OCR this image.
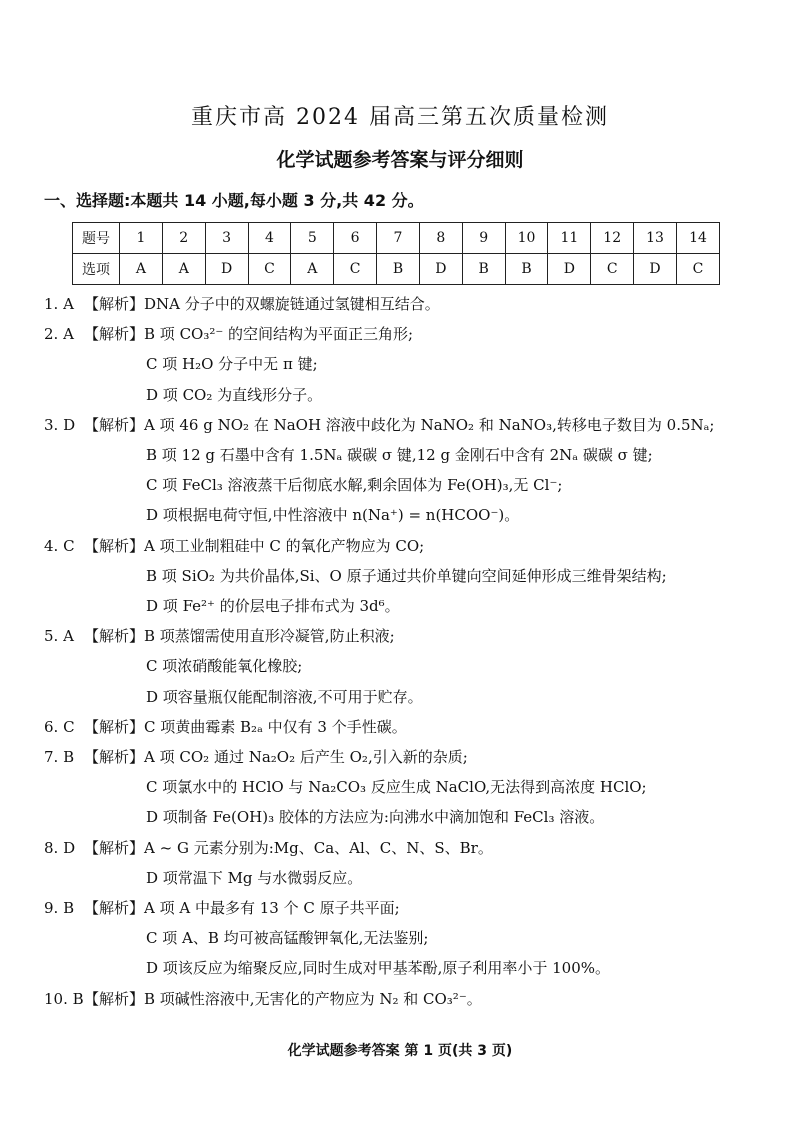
重庆市高 2024 届高三第五次质量检测
化学试题参考答案与评分细则
一、选择题:本题共 14 小题,每小题 3 分,共 42 分。
题号	1	2	3	4	5	6	7	8	9	10	11	12	13	14
选项	A	A	D	C	A	C	B	D	B	B	D	C	D	C
1. A 【解析】DNA 分子中的双螺旋链通过氢键相互结合。
2. A 【解析】B 项 CO₃²⁻ 的空间结构为平面正三角形;
C 项 H₂O 分子中无 π 键;
D 项 CO₂ 为直线形分子。
3. D 【解析】A 项 46 g NO₂ 在 NaOH 溶液中歧化为 NaNO₂ 和 NaNO₃,转移电子数目为 0.5Nₐ;
B 项 12 g 石墨中含有 1.5Nₐ 碳碳 σ 键,12 g 金刚石中含有 2Nₐ 碳碳 σ 键;
C 项 FeCl₃ 溶液蒸干后彻底水解,剩余固体为 Fe(OH)₃,无 Cl⁻;
D 项根据电荷守恒,中性溶液中 n(Na⁺) = n(HCOO⁻)。
4. C 【解析】A 项工业制粗硅中 C 的氧化产物应为 CO;
B 项 SiO₂ 为共价晶体,Si、O 原子通过共价单键向空间延伸形成三维骨架结构;
D 项 Fe²⁺ 的价层电子排布式为 3d⁶。
5. A 【解析】B 项蒸馏需使用直形冷凝管,防止积液;
C 项浓硝酸能氧化橡胶;
D 项容量瓶仅能配制溶液,不可用于贮存。
6. C 【解析】C 项黄曲霉素 B₂ₐ 中仅有 3 个手性碳。
7. B 【解析】A 项 CO₂ 通过 Na₂O₂ 后产生 O₂,引入新的杂质;
C 项氯水中的 HClO 与 Na₂CO₃ 反应生成 NaClO,无法得到高浓度 HClO;
D 项制备 Fe(OH)₃ 胶体的方法应为:向沸水中滴加饱和 FeCl₃ 溶液。
8. D 【解析】A ~ G 元素分别为:Mg、Ca、Al、C、N、S、Br。
D 项常温下 Mg 与水微弱反应。
9. B 【解析】A 项 A 中最多有 13 个 C 原子共平面;
C 项 A、B 均可被高锰酸钾氧化,无法鉴别;
D 项该反应为缩聚反应,同时生成对甲基苯酚,原子利用率小于 100%。
10. B【解析】B 项碱性溶液中,无害化的产物应为 N₂ 和 CO₃²⁻。
化学试题参考答案 第 1 页(共 3 页)
